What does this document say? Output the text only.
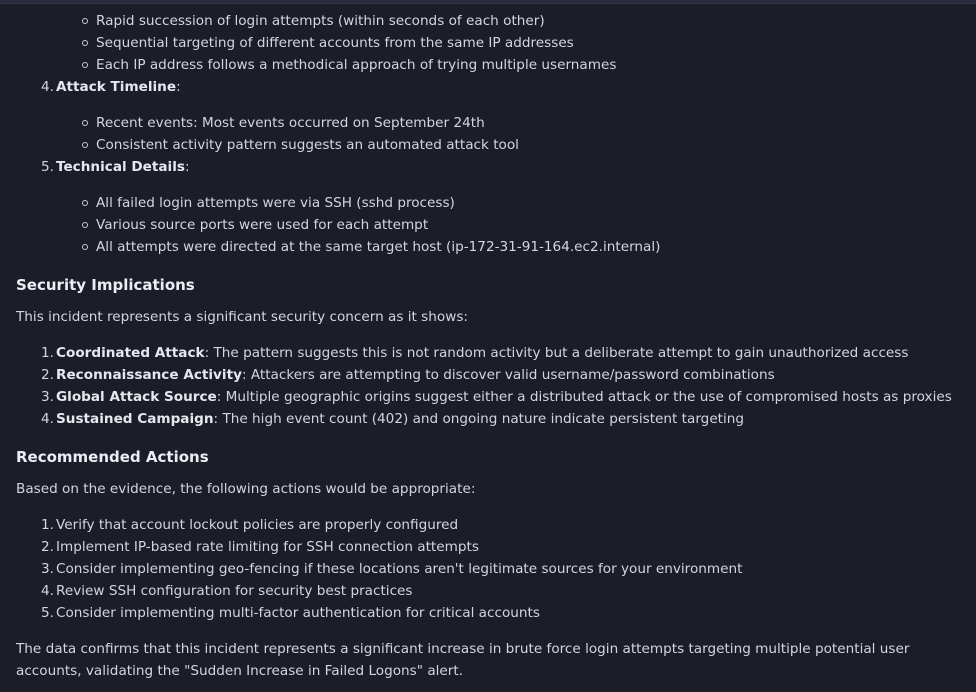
Rapid succession of login attempts (within seconds of each other)
Sequential targeting of different accounts from the same IP addresses
Each IP address follows a methodical approach of trying multiple usernames
4. Attack Timeline:
Recent events: Most events occurred on September 24th
Consistent activity pattern suggests an automated attack tool
5. Technical Details:
All failed login attempts were via SSH (sshd process)
Various source ports were used for each attempt
All attempts were directed at the same target host (ip-172-31-91-164.ec2.internal)
Security Implications

This incident represents a significant security concern as it shows:

1. Coordinated Attack: The pattern suggests this is not random activity but a deliberate attempt to gain unauthorized access
2. Reconnaissance Activity: Attackers are attempting to discover valid username/password combinations
3. Global Attack Source: Multiple geographic origins suggest either a distributed attack or the use of compromised hosts as proxies
4. Sustained Campaign: The high event count (402) and ongoing nature indicate persistent targeting
Recommended Actions

Based on the evidence, the following actions would be appropriate:

1. Verify that account lockout policies are properly configured
2. Implement IP-based rate limiting for SSH connection attempts
3. Consider implementing geo-fencing if these locations aren't legitimate sources for your environment
4. Review SSH configuration for security best practices
5. Consider implementing multi-factor authentication for critical accounts

The data confirms that this incident represents a significant increase in brute force login attempts targeting multiple potential user accounts, validating the "Sudden Increase in Failed Logons" alert.
